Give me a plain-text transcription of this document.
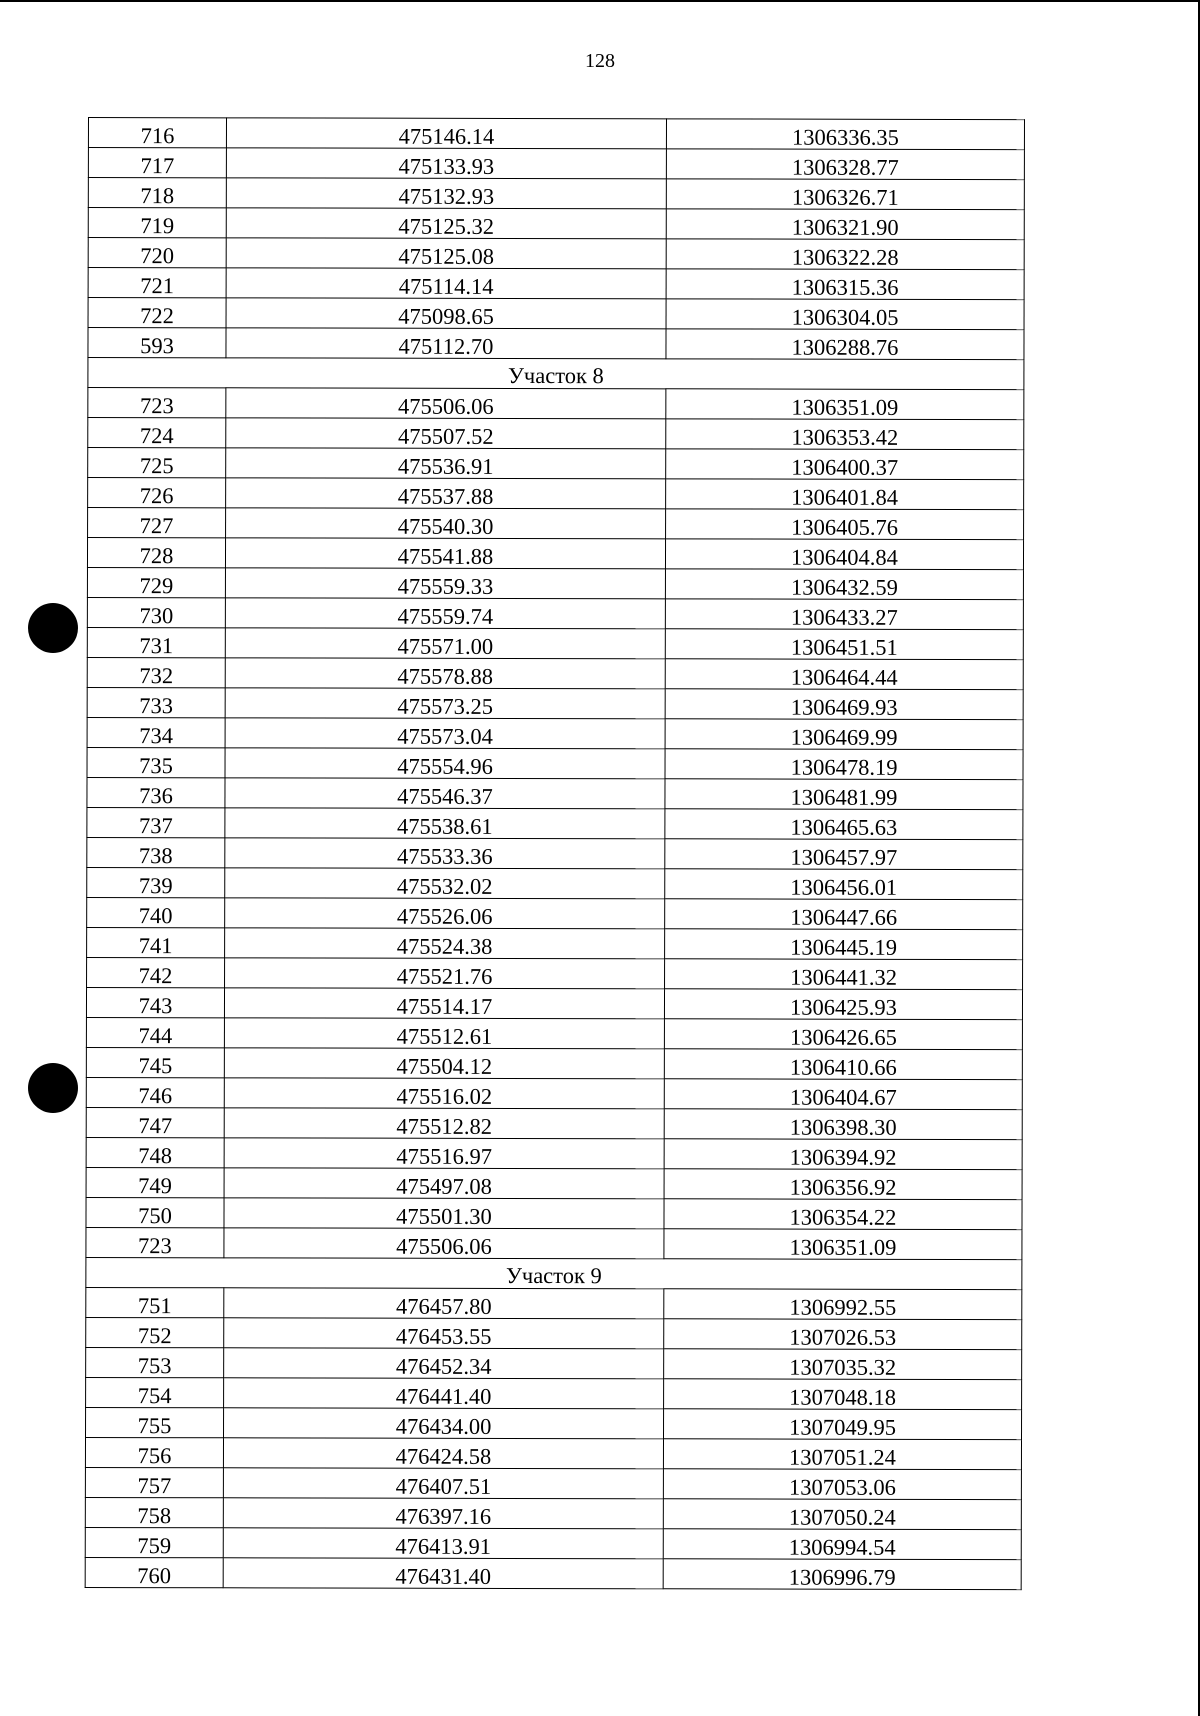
128
716	475146.14	1306336.35
717	475133.93	1306328.77
718	475132.93	1306326.71
719	475125.32	1306321.90
720	475125.08	1306322.28
721	475114.14	1306315.36
722	475098.65	1306304.05
593	475112.70	1306288.76
Участок 8		
723	475506.06	1306351.09
724	475507.52	1306353.42
725	475536.91	1306400.37
726	475537.88	1306401.84
727	475540.30	1306405.76
728	475541.88	1306404.84
729	475559.33	1306432.59
730	475559.74	1306433.27
731	475571.00	1306451.51
732	475578.88	1306464.44
733	475573.25	1306469.93
734	475573.04	1306469.99
735	475554.96	1306478.19
736	475546.37	1306481.99
737	475538.61	1306465.63
738	475533.36	1306457.97
739	475532.02	1306456.01
740	475526.06	1306447.66
741	475524.38	1306445.19
742	475521.76	1306441.32
743	475514.17	1306425.93
744	475512.61	1306426.65
745	475504.12	1306410.66
746	475516.02	1306404.67
747	475512.82	1306398.30
748	475516.97	1306394.92
749	475497.08	1306356.92
750	475501.30	1306354.22
723	475506.06	1306351.09
Участок 9		
751	476457.80	1306992.55
752	476453.55	1307026.53
753	476452.34	1307035.32
754	476441.40	1307048.18
755	476434.00	1307049.95
756	476424.58	1307051.24
757	476407.51	1307053.06
758	476397.16	1307050.24
759	476413.91	1306994.54
760	476431.40	1306996.79
